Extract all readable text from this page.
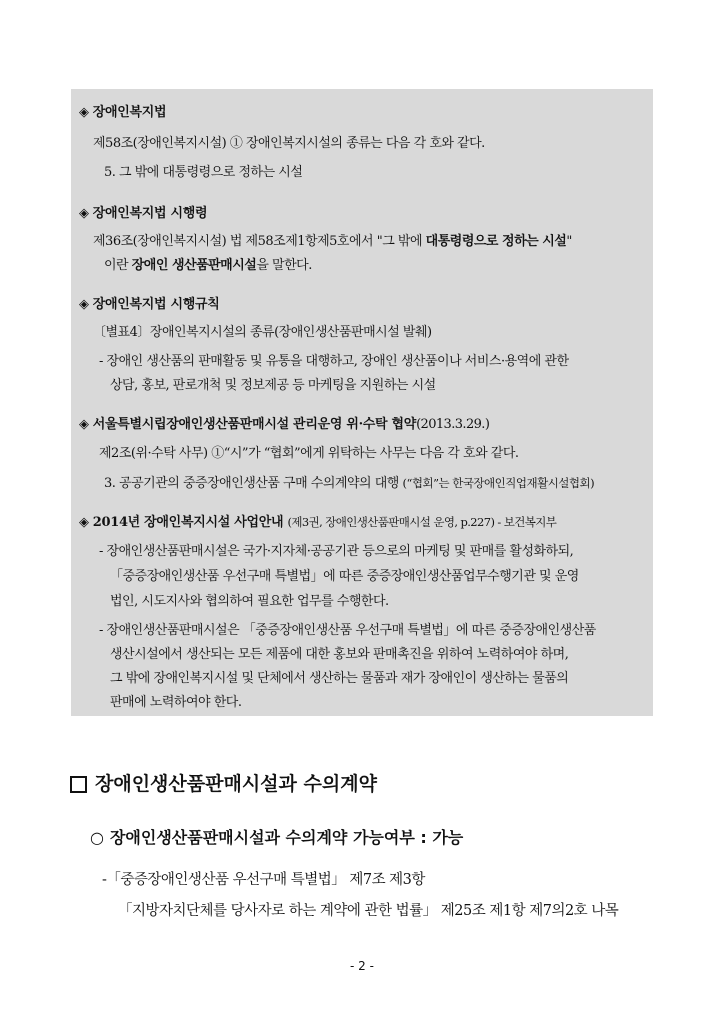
◈ 장애인복지법
제58조(장애인복지시설) ① 장애인복지시설의 종류는 다음 각 호와 같다.
5. 그 밖에 대통령령으로 정하는 시설
◈ 장애인복지법 시행령
제36조(장애인복지시설) 법 제58조제1항제5호에서 "그 밖에 대통령령으로 정하는 시설"
이란 장애인 생산품판매시설을 말한다.
◈ 장애인복지법 시행규칙
〔별표4〕장애인복지시설의 종류(장애인생산품판매시설 발췌)
- 장애인 생산품의 판매활동 및 유통을 대행하고, 장애인 생산품이나 서비스·용역에 관한
상담, 홍보, 판로개척 및 정보제공 등 마케팅을 지원하는 시설
◈ 서울특별시립장애인생산품판매시설 관리운영 위·수탁 협약(2013.3.29.)
제2조(위·수탁 사무) ①“시”가 “협회”에게 위탁하는 사무는 다음 각 호와 같다.
3. 공공기관의 중증장애인생산품 구매 수의계약의 대행 (“협회”는 한국장애인직업재활시설협회)
◈ 2014년 장애인복지시설 사업안내 (제3권, 장애인생산품판매시설 운영, p.227) - 보건복지부
- 장애인생산품판매시설은 국가·지자체·공공기관 등으로의 마케팅 및 판매를 활성화하되,
「중증장애인생산품 우선구매 특별법」에 따른 중증장애인생산품업무수행기관 및 운영
법인, 시도지사와 협의하여 필요한 업무를 수행한다.
- 장애인생산품판매시설은 「중증장애인생산품 우선구매 특별법」에 따른 중증장애인생산품
생산시설에서 생산되는 모든 제품에 대한 홍보와 판매촉진을 위하여 노력하여야 하며,
그 밖에 장애인복지시설 및 단체에서 생산하는 물품과 재가 장애인이 생산하는 물품의
판매에 노력하여야 한다.
장애인생산품판매시설과 수의계약
○ 장애인생산품판매시설과 수의계약 가능여부 : 가능
-「중증장애인생산품 우선구매 특별법」 제7조 제3항
「지방자치단체를 당사자로 하는 계약에 관한 법률」 제25조 제1항 제7의2호 나목
- 2 -
